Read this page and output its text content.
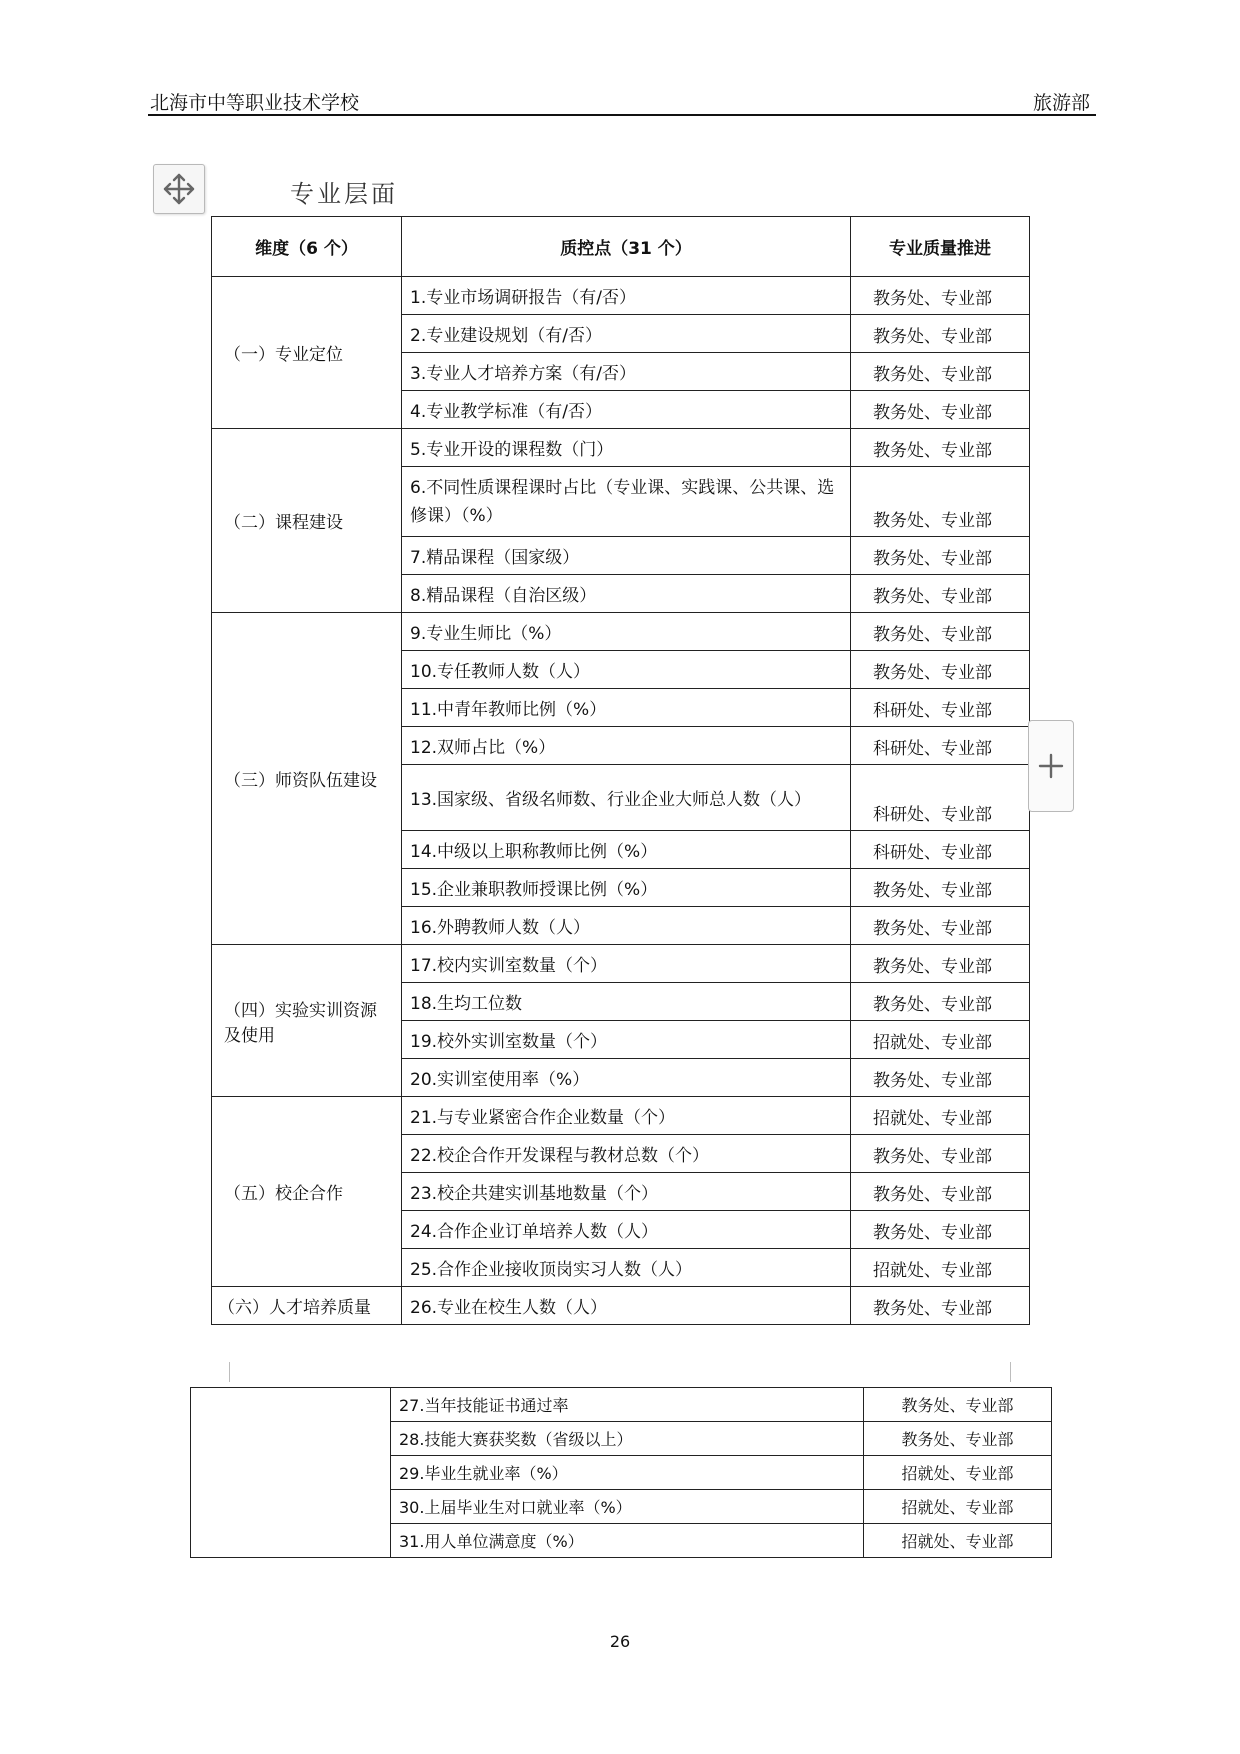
北海市中等职业技术学校	旅游部
专业层面
维度（6 个）	质控点（31 个）	专业质量推进
（一）专业定位	1.专业市场调研报告（有/否）	教务处、专业部
	2.专业建设规划（有/否）	教务处、专业部
	3.专业人才培养方案（有/否）	教务处、专业部
	4.专业教学标准（有/否）	教务处、专业部
（二）课程建设	5.专业开设的课程数（门）	教务处、专业部
	6.不同性质课程课时占比（专业课、实践课、公共课、选修课）（%）	教务处、专业部
	7.精品课程（国家级）	教务处、专业部
	8.精品课程（自治区级）	教务处、专业部
（三）师资队伍建设	9.专业生师比（%）	教务处、专业部
	10.专任教师人数（人）	教务处、专业部
	11.中青年教师比例（%）	科研处、专业部
	12.双师占比（%）	科研处、专业部
	13.国家级、省级名师数、行业企业大师总人数（人）	科研处、专业部
	14.中级以上职称教师比例（%）	科研处、专业部
	15.企业兼职教师授课比例（%）	教务处、专业部
	16.外聘教师人数（人）	教务处、专业部
（四）实验实训资源及使用	17.校内实训室数量（个）	教务处、专业部
	18.生均工位数	教务处、专业部
	19.校外实训室数量（个）	招就处、专业部
	20.实训室使用率（%）	教务处、专业部
（五）校企合作	21.与专业紧密合作企业数量（个）	招就处、专业部
	22.校企合作开发课程与教材总数（个）	教务处、专业部
	23.校企共建实训基地数量（个）	教务处、专业部
	24.合作企业订单培养人数（人）	教务处、专业部
	25.合作企业接收顶岗实习人数（人）	招就处、专业部
（六）人才培养质量	26.专业在校生人数（人）	教务处、专业部
	27.当年技能证书通过率	教务处、专业部
	28.技能大赛获奖数（省级以上）	教务处、专业部
	29.毕业生就业率（%）	招就处、专业部
	30.上届毕业生对口就业率（%）	招就处、专业部
	31.用人单位满意度（%）	招就处、专业部
26
